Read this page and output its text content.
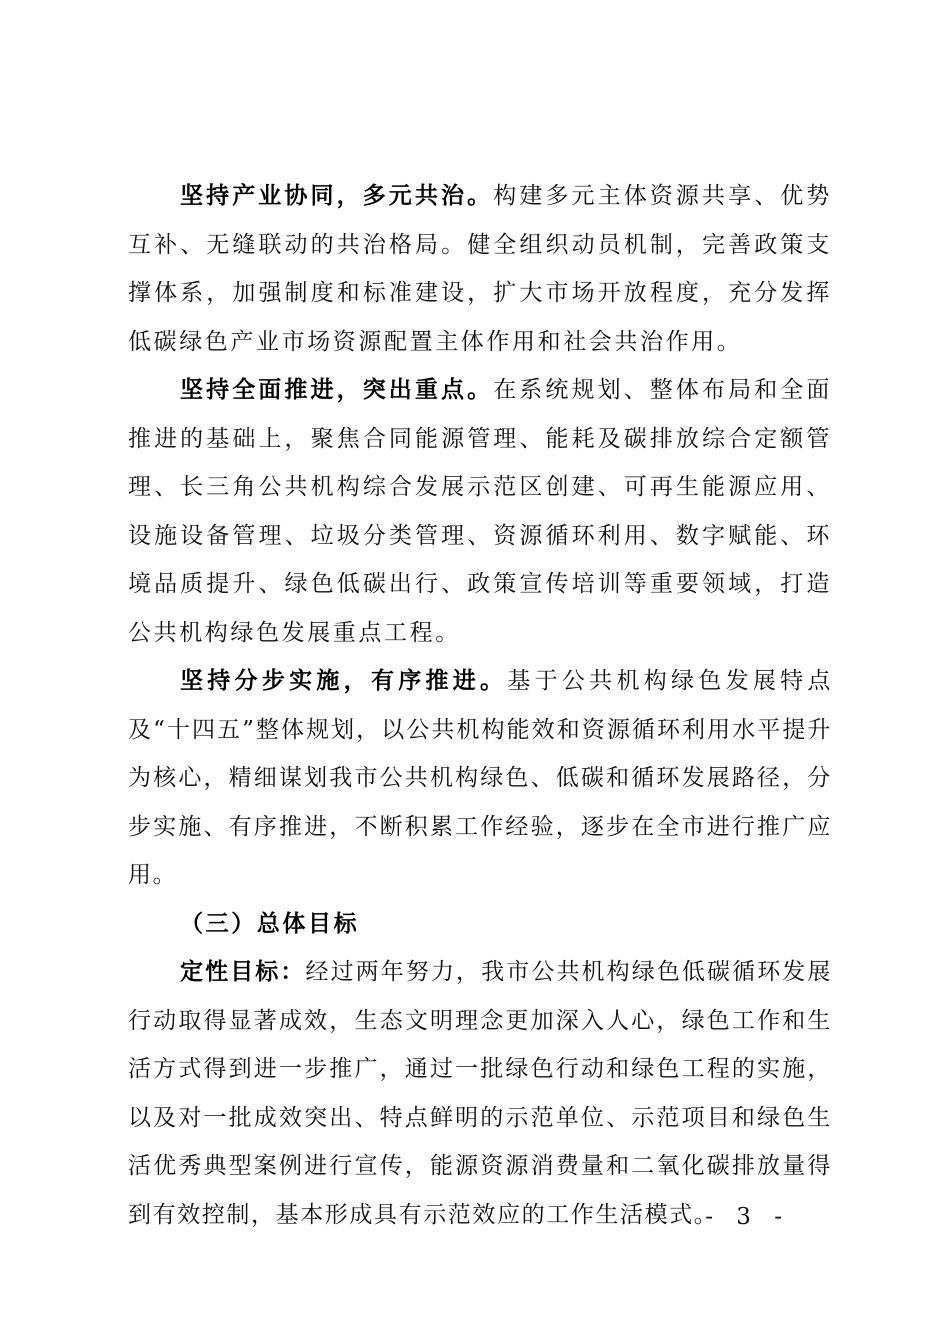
坚持产业协同，多元共治。构建多元主体资源共享、优势互补、无缝联动的共治格局。健全组织动员机制，完善政策支撑体系，加强制度和标准建设，扩大市场开放程度，充分发挥低碳绿色产业市场资源配置主体作用和社会共治作用。

坚持全面推进，突出重点。在系统规划、整体布局和全面推进的基础上，聚焦合同能源管理、能耗及碳排放综合定额管理、长三角公共机构综合发展示范区创建、可再生能源应用、设施设备管理、垃圾分类管理、资源循环利用、数字赋能、环境品质提升、绿色低碳出行、政策宣传培训等重要领域，打造公共机构绿色发展重点工程。

坚持分步实施，有序推进。基于公共机构绿色发展特点及“十四五”整体规划，以公共机构能效和资源循环利用水平提升为核心，精细谋划我市公共机构绿色、低碳和循环发展路径，分步实施、有序推进，不断积累工作经验，逐步在全市进行推广应用。

（三）总体目标

定性目标：经过两年努力，我市公共机构绿色低碳循环发展行动取得显著成效，生态文明理念更加深入人心，绿色工作和生活方式得到进一步推广，通过一批绿色行动和绿色工程的实施，以及对一批成效突出、特点鲜明的示范单位、示范项目和绿色生活优秀典型案例进行宣传，能源资源消费量和二氧化碳排放量得到有效控制，基本形成具有示范效应的工作生活模式。

- 3 -
